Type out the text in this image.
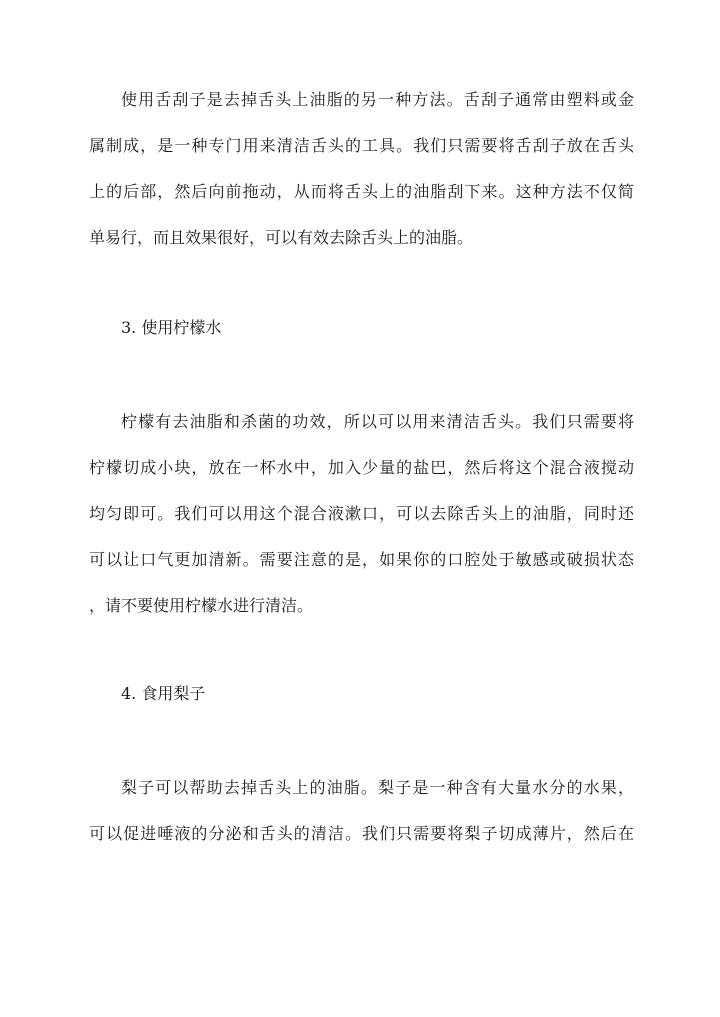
使用舌刮子是去掉舌头上油脂的另一种方法。舌刮子通常由塑料或金
属制成，是一种专门用来清洁舌头的工具。我们只需要将舌刮子放在舌头
上的后部，然后向前拖动，从而将舌头上的油脂刮下来。这种方法不仅简
单易行，而且效果很好，可以有效去除舌头上的油脂。
3. 使用柠檬水
柠檬有去油脂和杀菌的功效，所以可以用来清洁舌头。我们只需要将
柠檬切成小块，放在一杯水中，加入少量的盐巴，然后将这个混合液搅动
均匀即可。我们可以用这个混合液漱口，可以去除舌头上的油脂，同时还
可以让口气更加清新。需要注意的是，如果你的口腔处于敏感或破损状态
，请不要使用柠檬水进行清洁。
4. 食用梨子
梨子可以帮助去掉舌头上的油脂。梨子是一种含有大量水分的水果，
可以促进唾液的分泌和舌头的清洁。我们只需要将梨子切成薄片，然后在
